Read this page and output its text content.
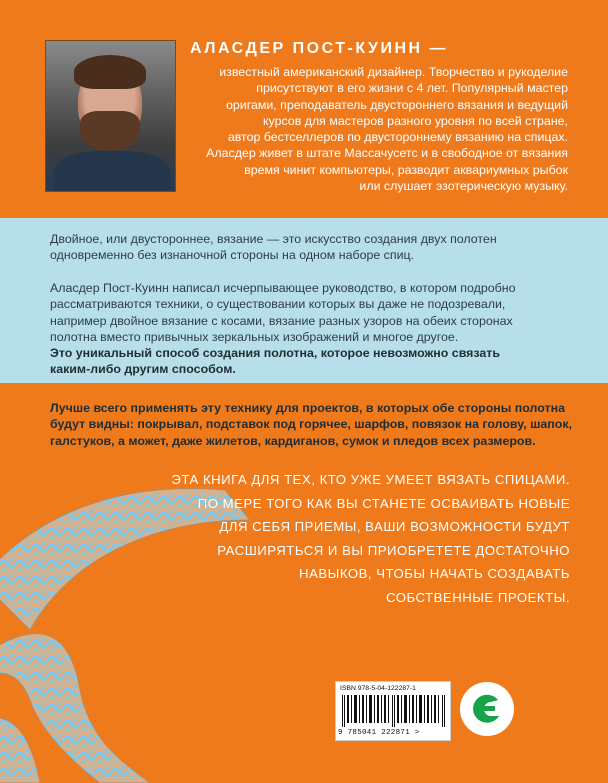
АЛАСДЕР ПОСТ-КУИНН —
известный американский дизайнер. Творчество и рукоделие
присутствуют в его жизни с 4 лет. Популярный мастер
оригами, преподаватель двустороннего вязания и ведущий
курсов для мастеров разного уровня по всей стране,
автор бестселлеров по двустороннему вязанию на спицах.
Аласдер живет в штате Массачусетс и в свободное от вязания
время чинит компьютеры, разводит аквариумных рыбок
или слушает эзотерическую музыку.
Двойное, или двустороннее, вязание — это искусство создания двух полотен
одновременно без изнаночной стороны на одном наборе спиц.
Аласдер Пост-Куинн написал исчерпывающее руководство, в котором подробно
рассматриваются техники, о существовании которых вы даже не подозревали,
например двойное вязание с косами, вязание разных узоров на обеих сторонах
полотна вместо привычных зеркальных изображений и многое другое.
Это уникальный способ создания полотна, которое невозможно связать
каким-либо другим способом.
Лучше всего применять эту технику для проектов, в которых обе стороны полотна
будут видны: покрывал, подставок под горячее, шарфов, повязок на голову, шапок,
галстуков, а может, даже жилетов, кардиганов, сумок и пледов всех размеров.
ЭТА КНИГА ДЛЯ ТЕХ, КТО УЖЕ УМЕЕТ ВЯЗАТЬ СПИЦАМИ.
ПО МЕРЕ ТОГО КАК ВЫ СТАНЕТЕ ОСВАИВАТЬ НОВЫЕ
ДЛЯ СЕБЯ ПРИЕМЫ, ВАШИ ВОЗМОЖНОСТИ БУДУТ
РАСШИРЯТЬСЯ И ВЫ ПРИОБРЕТЕТЕ ДОСТАТОЧНО
НАВЫКОВ, ЧТОБЫ НАЧАТЬ СОЗДАВАТЬ
СОБСТВЕННЫЕ ПРОЕКТЫ.
ISBN 978-5-04-122287-1
9 785041 222871 >
